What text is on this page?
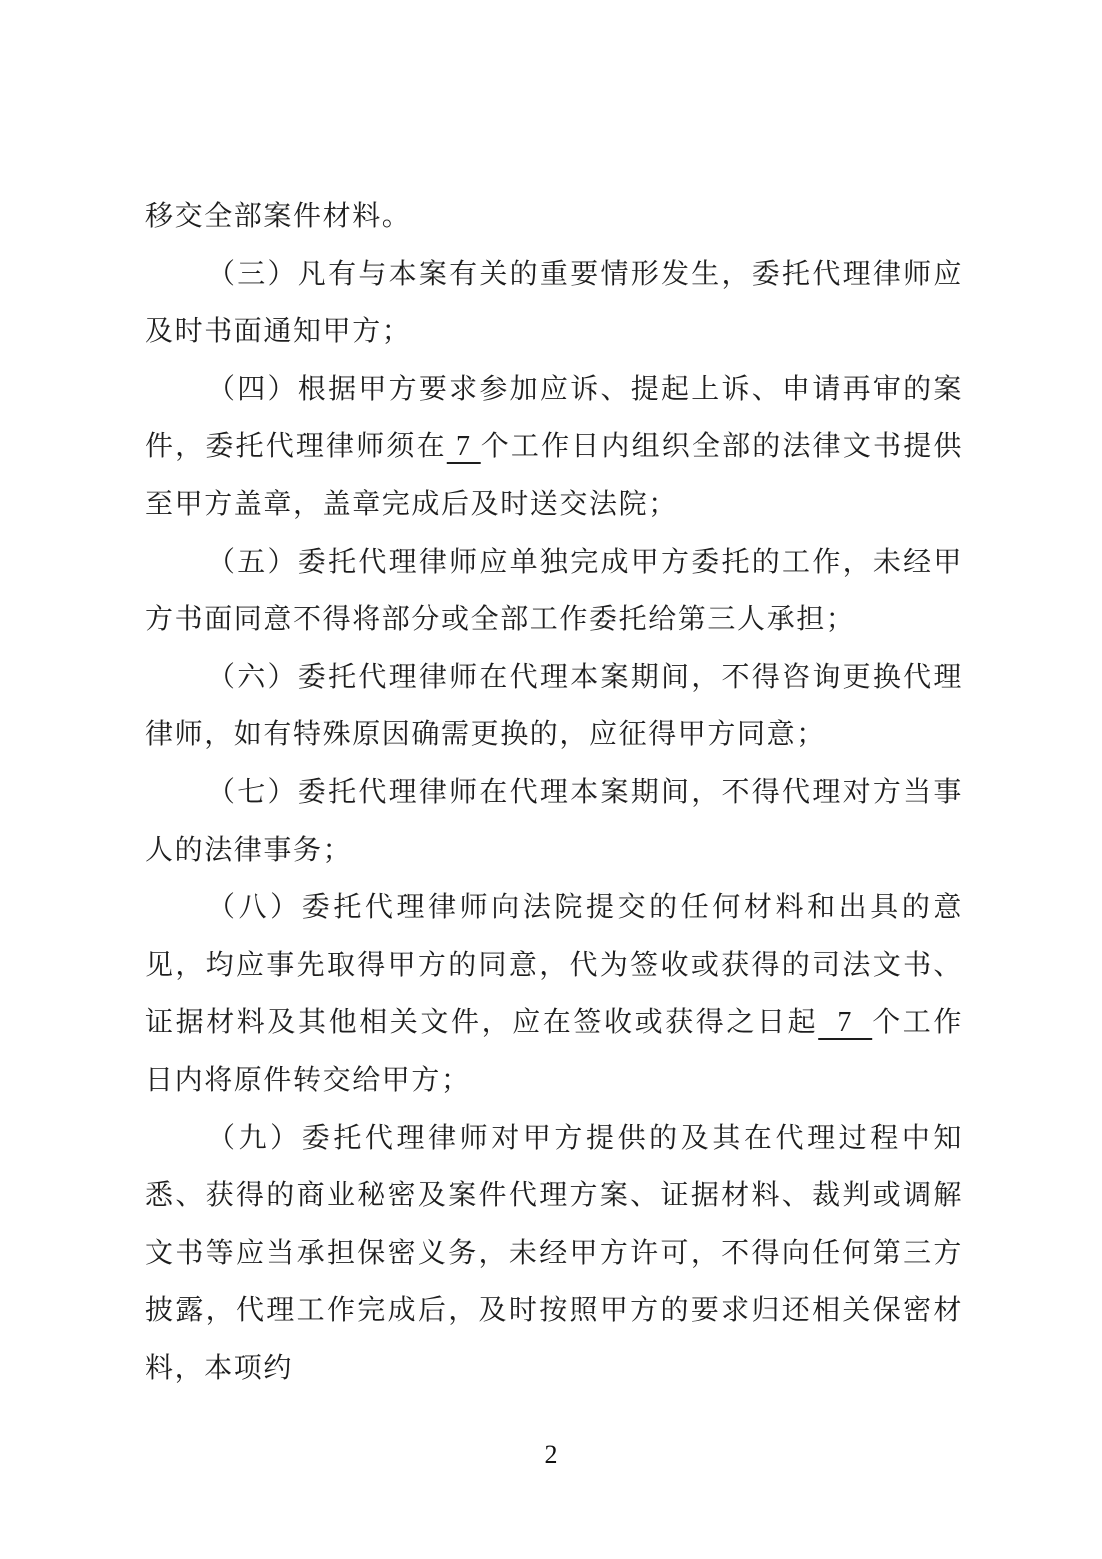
移交全部案件材料。

（三）凡有与本案有关的重要情形发生，委托代理律师应及时书面通知甲方；

（四）根据甲方要求参加应诉、提起上诉、申请再审的案件，委托代理律师须在 7 个工作日内组织全部的法律文书提供至甲方盖章，盖章完成后及时送交法院；

（五）委托代理律师应单独完成甲方委托的工作，未经甲方书面同意不得将部分或全部工作委托给第三人承担；

（六）委托代理律师在代理本案期间，不得咨询更换代理律师，如有特殊原因确需更换的，应征得甲方同意；

（七）委托代理律师在代理本案期间，不得代理对方当事人的法律事务；

（八）委托代理律师向法院提交的任何材料和出具的意见，均应事先取得甲方的同意，代为签收或获得的司法文书、证据材料及其他相关文件，应在签收或获得之日起  7  个工作日内将原件转交给甲方；

（九）委托代理律师对甲方提供的及其在代理过程中知悉、获得的商业秘密及案件代理方案、证据材料、裁判或调解文书等应当承担保密义务，未经甲方许可，不得向任何第三方披露，代理工作完成后，及时按照甲方的要求归还相关保密材料，本项约

2
